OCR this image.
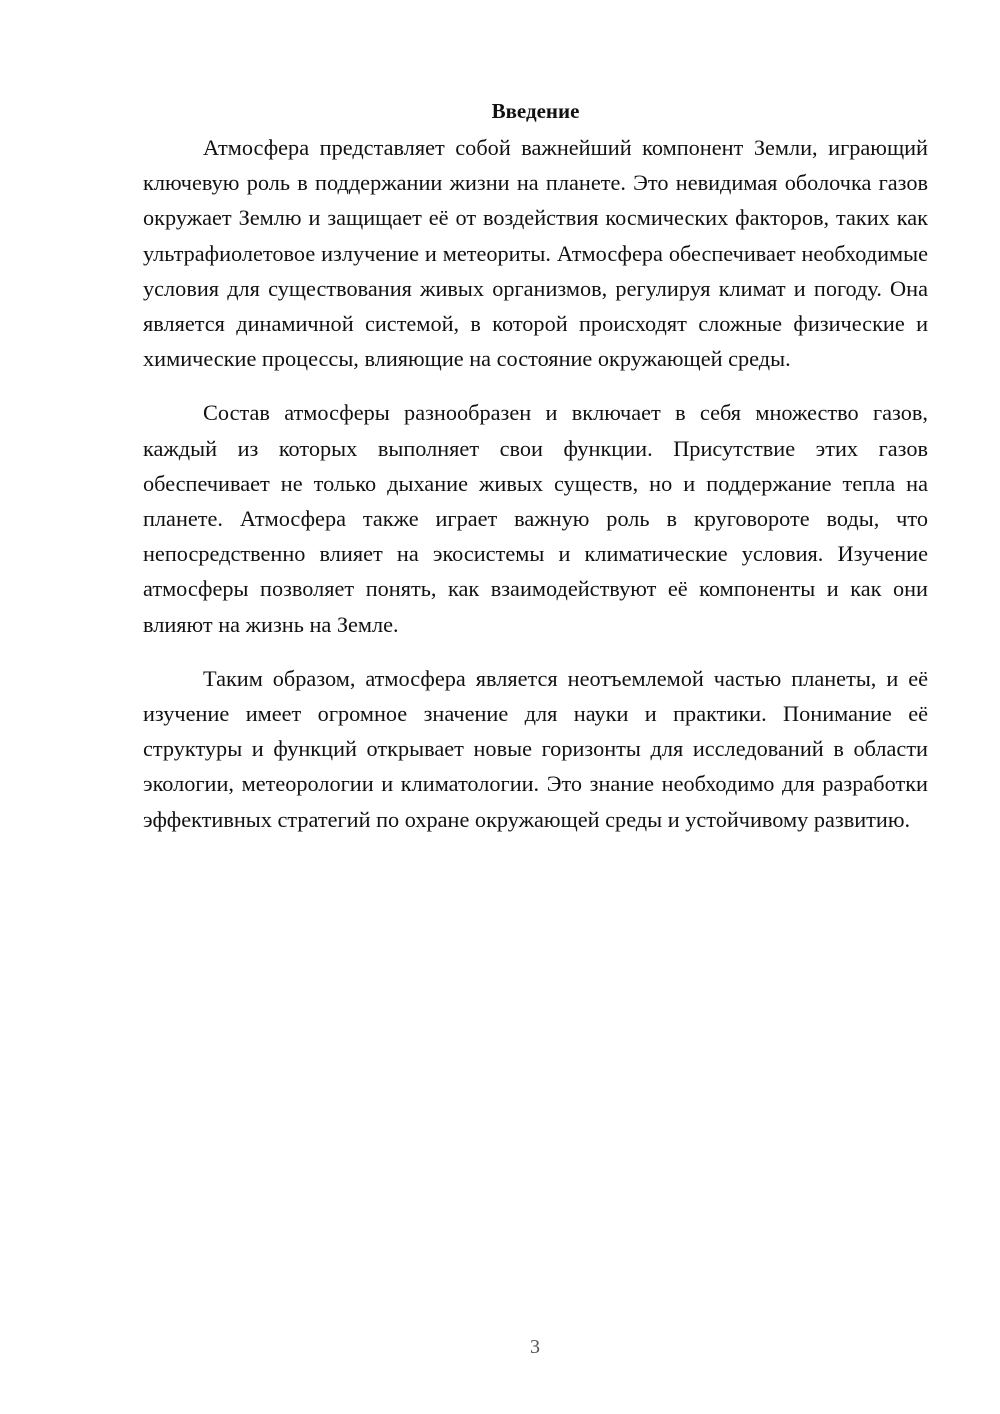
Введение

Атмосфера представляет собой важнейший компонент Земли, играющий ключевую роль в поддержании жизни на планете. Это невидимая оболочка газов окружает Землю и защищает её от воздействия космических факторов, таких как ультрафиолетовое излучение и метеориты. Атмосфера обеспечивает необходимые условия для существования живых организмов, регулируя климат и погоду. Она является динамичной системой, в которой происходят сложные физические и химические процессы, влияющие на состояние окружающей среды.

Состав атмосферы разнообразен и включает в себя множество газов, каждый из которых выполняет свои функции. Присутствие этих газов обеспечивает не только дыхание живых существ, но и поддержание тепла на планете. Атмосфера также играет важную роль в круговороте воды, что непосредственно влияет на экосистемы и климатические условия. Изучение атмосферы позволяет понять, как взаимодействуют её компоненты и как они влияют на жизнь на Земле.

Таким образом, атмосфера является неотъемлемой частью планеты, и её изучение имеет огромное значение для науки и практики. Понимание её структуры и функций открывает новые горизонты для исследований в области экологии, метеорологии и климатологии. Это знание необходимо для разработки эффективных стратегий по охране окружающей среды и устойчивому развитию.

3
